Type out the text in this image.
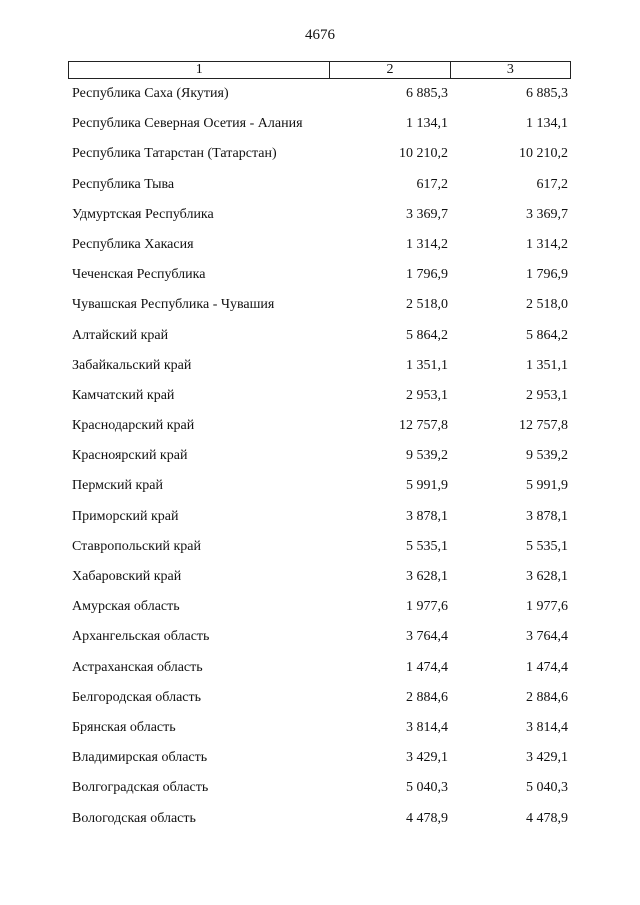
4676
1	2	3
Республика Саха (Якутия)	6 885,3	6 885,3
Республика Северная Осетия - Алания	1 134,1	1 134,1
Республика Татарстан (Татарстан)	10 210,2	10 210,2
Республика Тыва	617,2	617,2
Удмуртская Республика	3 369,7	3 369,7
Республика Хакасия	1 314,2	1 314,2
Чеченская Республика	1 796,9	1 796,9
Чувашская Республика - Чувашия	2 518,0	2 518,0
Алтайский край	5 864,2	5 864,2
Забайкальский край	1 351,1	1 351,1
Камчатский край	2 953,1	2 953,1
Краснодарский край	12 757,8	12 757,8
Красноярский край	9 539,2	9 539,2
Пермский край	5 991,9	5 991,9
Приморский край	3 878,1	3 878,1
Ставропольский край	5 535,1	5 535,1
Хабаровский край	3 628,1	3 628,1
Амурская область	1 977,6	1 977,6
Архангельская область	3 764,4	3 764,4
Астраханская область	1 474,4	1 474,4
Белгородская область	2 884,6	2 884,6
Брянская область	3 814,4	3 814,4
Владимирская область	3 429,1	3 429,1
Волгоградская область	5 040,3	5 040,3
Вологодская область	4 478,9	4 478,9
